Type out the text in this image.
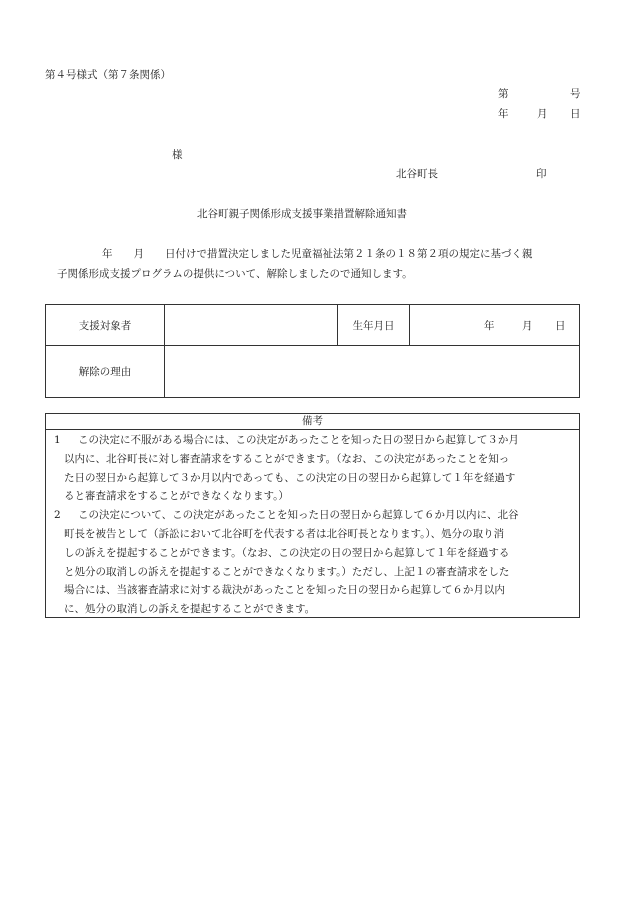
第４号様式（第７条関係）
第	号
年	月 日
様
北谷町長	印
北谷町親子関係形成支援事業措置解除通知書
年　　月　　日付けで措置決定しました児童福祉法第２１条の１８第２項の規定に基づく親
子関係形成支援プログラムの提供について、解除しましたので通知します。
支援対象者		生年月日	年 月 日

解除の理由			
備考
1	この決定に不服がある場合には、この決定があったことを知った日の翌日から起算して３か月
以内に、北谷町長に対し審査請求をすることができます。（なお、この決定があったことを知っ
た日の翌日から起算して３か月以内であっても、この決定の日の翌日から起算して１年を経過す
ると審査請求をすることができなくなります。）
2	この決定について、この決定があったことを知った日の翌日から起算して６か月以内に、北谷
町長を被告として（訴訟において北谷町を代表する者は北谷町長となります。）、処分の取り消
しの訴えを提起することができます。（なお、この決定の日の翌日から起算して１年を経過する
と処分の取消しの訴えを提起することができなくなります。）ただし、上記１の審査請求をした
場合には、当該審査請求に対する裁決があったことを知った日の翌日から起算して６か月以内
に、処分の取消しの訴えを提起することができます。
